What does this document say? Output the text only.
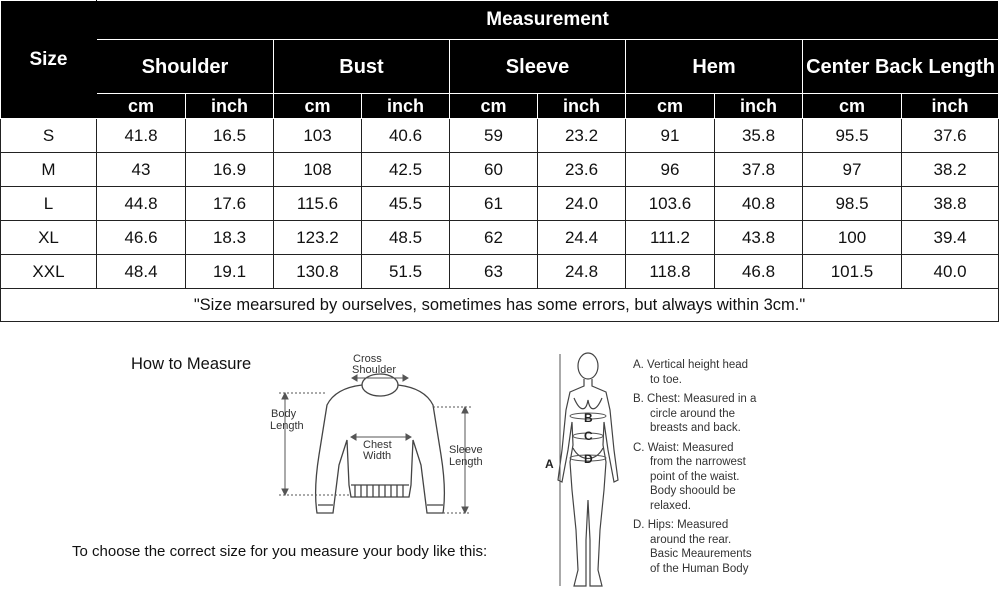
Size	Measurement									
	Shoulder		Bust		Sleeve		Hem		Center Back Length	
	cm	inch	cm	inch	cm	inch	cm	inch	cm	inch
S	41.8	16.5	103	40.6	59	23.2	91	35.8	95.5	37.6
M	43	16.9	108	42.5	60	23.6	96	37.8	97	38.2
L	44.8	17.6	115.6	45.5	61	24.0	103.6	40.8	98.5	38.8
XL	46.6	18.3	123.2	48.5	62	24.4	111.2	43.8	100	39.4
XXL	48.4	19.1	130.8	51.5	63	24.8	118.8	46.8	101.5	40.0
"Size mearsured by ourselves, sometimes has some errors, but always within 3cm."										
How to Measure	Cross
Shoulder
Body
Length
Chest
Width	Sleeve
Length
To choose the correct size for you measure your body like this:
A
B
C
D
A. Vertical height head
to toe.
B. Chest: Measured in a
circle around the
breasts and back.
C. Waist: Measured
from the narrowest
point of the waist.
Body shoould be
relaxed.
D. Hips: Measured
around the rear.
Basic Meaurements
of the Human Body
